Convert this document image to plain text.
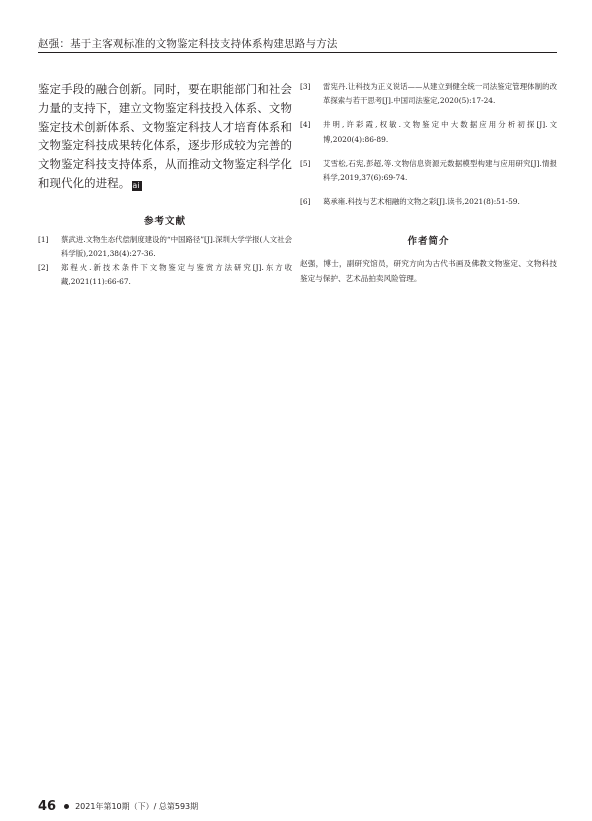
赵强：基于主客观标准的文物鉴定科技支持体系构建思路与方法

鉴定手段的融合创新。同时，要在职能部门和社会力量的支持下，建立文物鉴定科技投入体系、文物鉴定技术创新体系、文物鉴定科技人才培育体系和文物鉴定科技成果转化体系，逐步形成较为完善的文物鉴定科技支持体系，从而推动文物鉴定科学化和现代化的进程。 ai

参考文献
[1]	蔡武进.文物生态代偿制度建设的“中国路径”[J].深圳大学学报(人文社会科学版),2021,38(4):27-36.
[2]	郑程火.新技术条件下文物鉴定与鉴赏方法研究[J].东方收藏,2021(11):66-67.
[3]	雷宪丹.让科技为正义说话——从建立到健全统一司法鉴定管理体制的改革探索与若干思考[J].中国司法鉴定,2020(5):17-24.
[4]	井明,许彩霞,权敏.文物鉴定中大数据应用分析初探[J].文博,2020(4):86-89.
[5]	艾雪松,石宪,彭超,等.文物信息资源元数据模型构建与应用研究[J].情报科学,2019,37(6):69-74.
[6]	葛承雍.科技与艺术相融的文物之彩[J].读书,2021(8):51-59.
作者简介
赵强，博士，副研究馆员，研究方向为古代书画及佛教文物鉴定、文物科技鉴定与保护、艺术品拍卖风险管理。
46 2021年第10期（下）/ 总第593期
